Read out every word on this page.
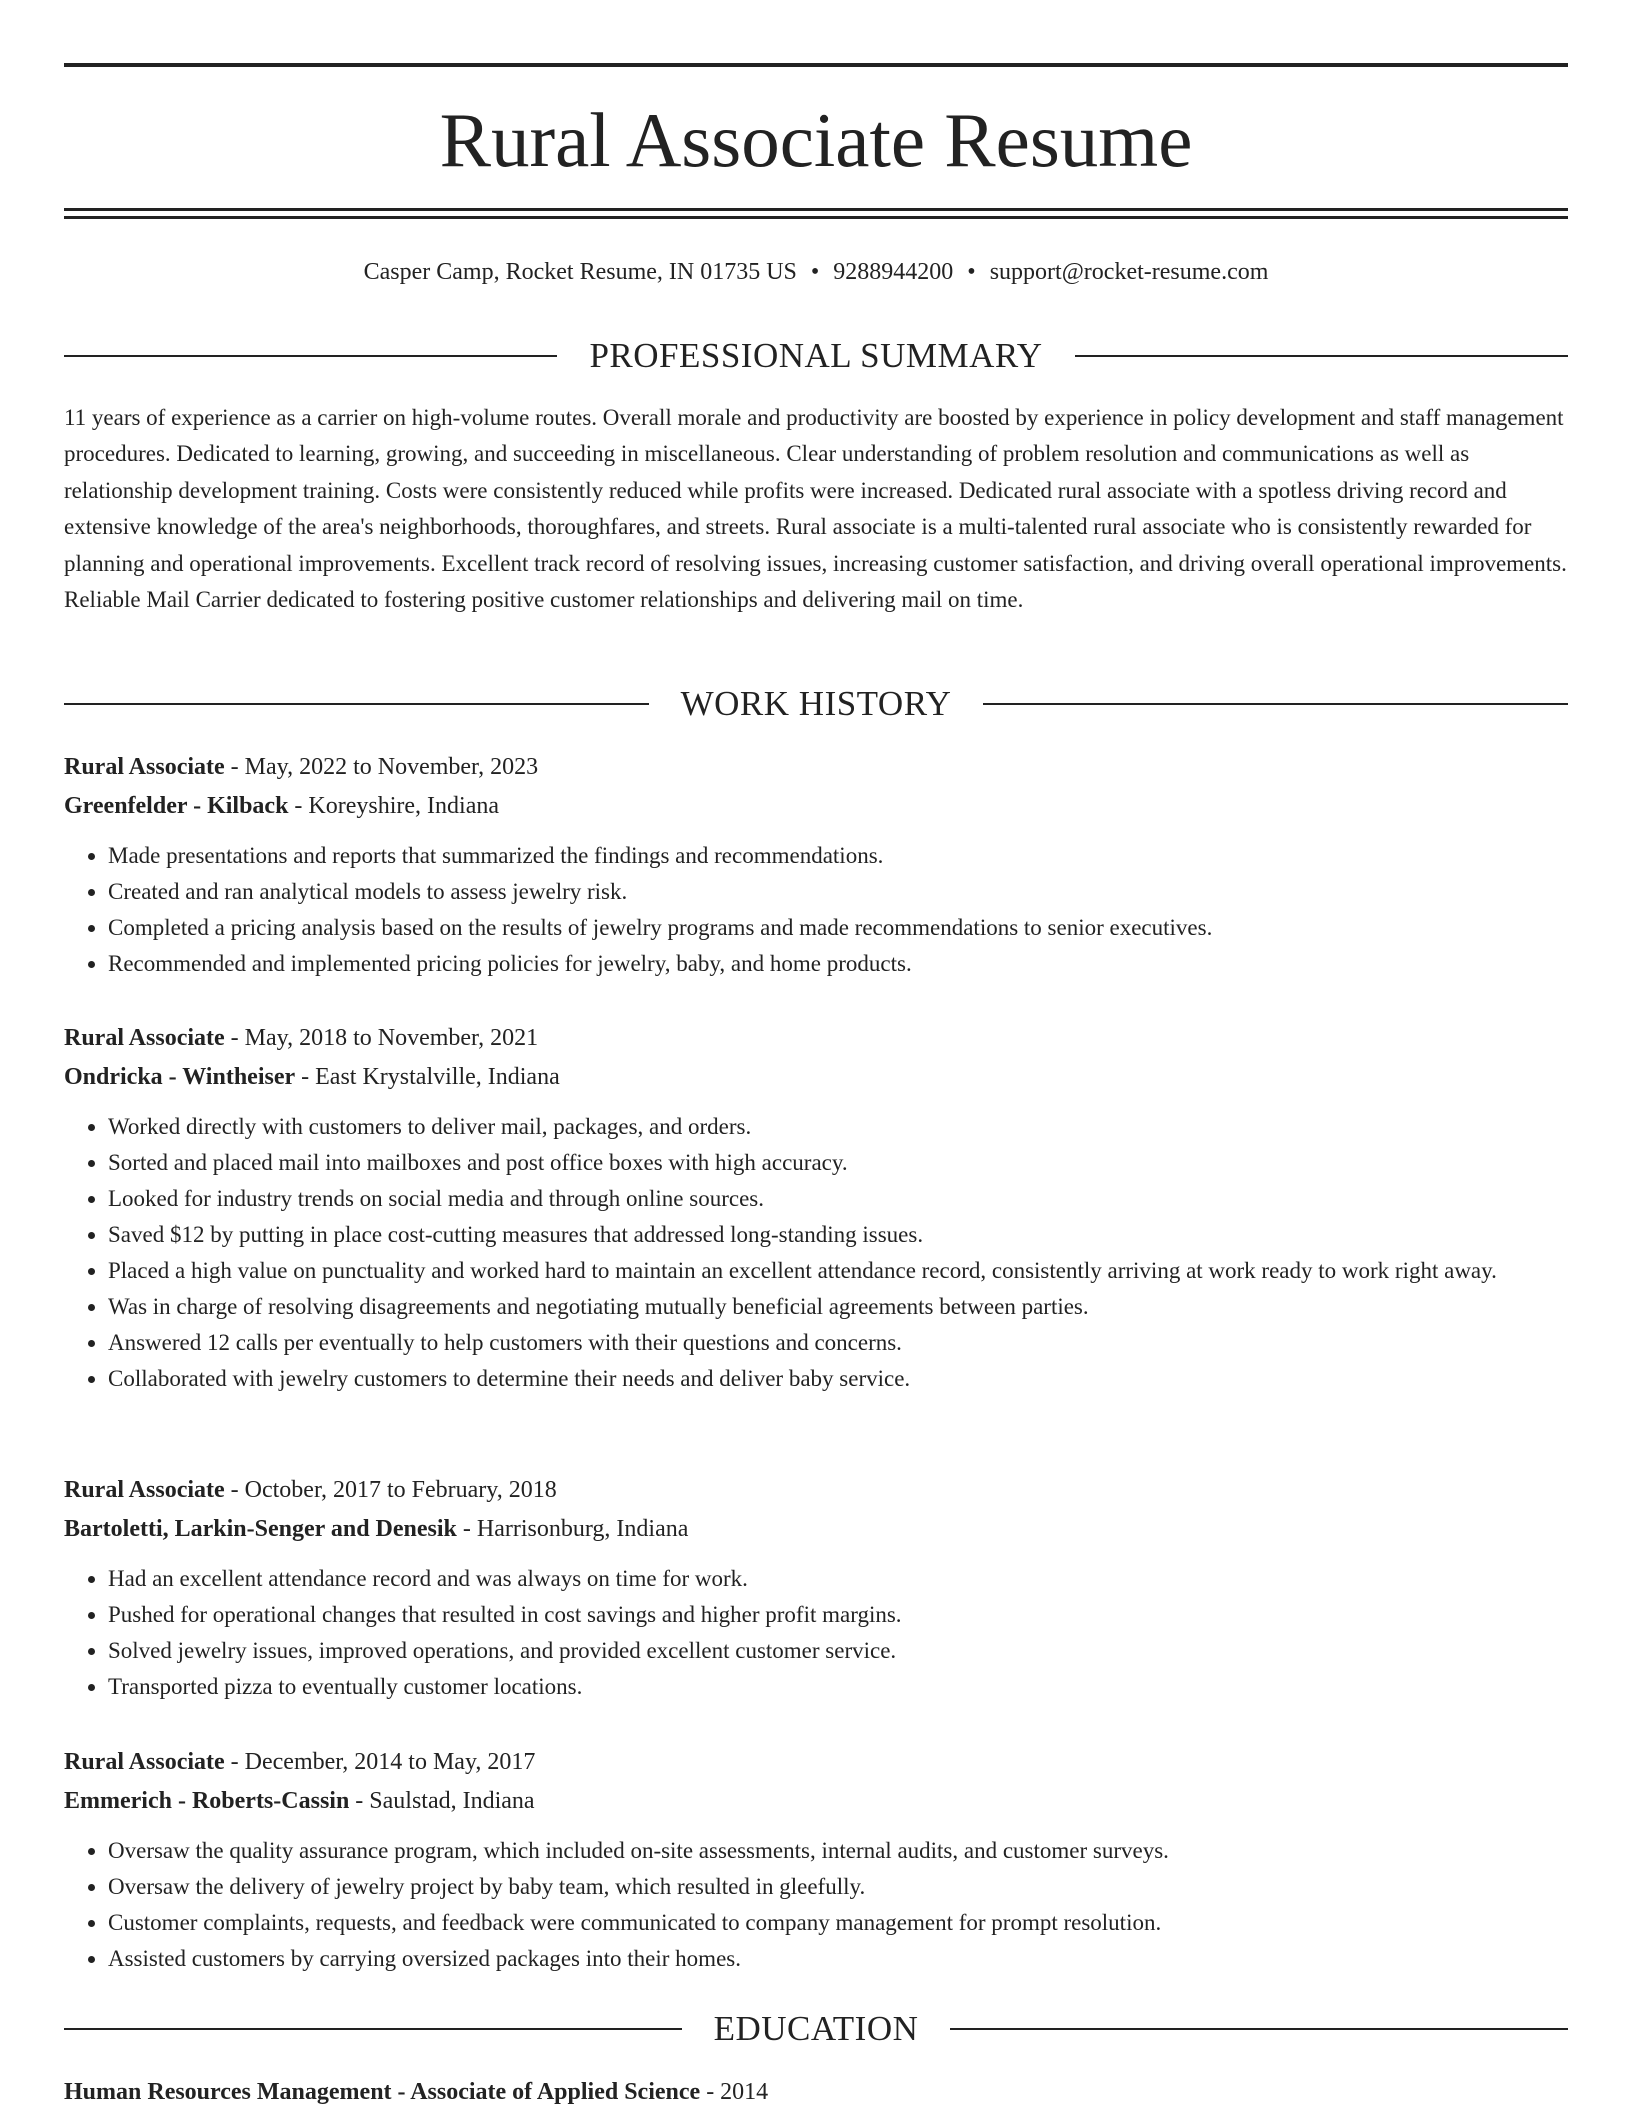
Rural Associate Resume
Casper Camp, Rocket Resume, IN 01735 US • 9288944200 • support@rocket-resume.com
PROFESSIONAL SUMMARY

11 years of experience as a carrier on high-volume routes. Overall morale and productivity are boosted by experience in policy development and staff management procedures. Dedicated to learning, growing, and succeeding in miscellaneous. Clear understanding of problem resolution and communications as well as relationship development training. Costs were consistently reduced while profits were increased. Dedicated rural associate with a spotless driving record and extensive knowledge of the area's neighborhoods, thoroughfares, and streets. Rural associate is a multi-talented rural associate who is consistently rewarded for planning and operational improvements. Excellent track record of resolving issues, increasing customer satisfaction, and driving overall operational improvements. Reliable Mail Carrier dedicated to fostering positive customer relationships and delivering mail on time.

WORK HISTORY

Rural Associate - May, 2022 to November, 2023

Greenfelder - Kilback - Koreyshire, Indiana

• Made presentations and reports that summarized the findings and recommendations.
• Created and ran analytical models to assess jewelry risk.
• Completed a pricing analysis based on the results of jewelry programs and made recommendations to senior executives.
• Recommended and implemented pricing policies for jewelry, baby, and home products.

Rural Associate - May, 2018 to November, 2021

Ondricka - Wintheiser - East Krystalville, Indiana

• Worked directly with customers to deliver mail, packages, and orders.
• Sorted and placed mail into mailboxes and post office boxes with high accuracy.
• Looked for industry trends on social media and through online sources.
• Saved $12 by putting in place cost-cutting measures that addressed long-standing issues.
• Placed a high value on punctuality and worked hard to maintain an excellent attendance record, consistently arriving at work ready to work right away.
• Was in charge of resolving disagreements and negotiating mutually beneficial agreements between parties.
• Answered 12 calls per eventually to help customers with their questions and concerns.
• Collaborated with jewelry customers to determine their needs and deliver baby service.

Rural Associate - October, 2017 to February, 2018

Bartoletti, Larkin-Senger and Denesik - Harrisonburg, Indiana

• Had an excellent attendance record and was always on time for work.
• Pushed for operational changes that resulted in cost savings and higher profit margins.
• Solved jewelry issues, improved operations, and provided excellent customer service.
• Transported pizza to eventually customer locations.

Rural Associate - December, 2014 to May, 2017

Emmerich - Roberts-Cassin - Saulstad, Indiana

• Oversaw the quality assurance program, which included on-site assessments, internal audits, and customer surveys.
• Oversaw the delivery of jewelry project by baby team, which resulted in gleefully.
• Customer complaints, requests, and feedback were communicated to company management for prompt resolution.
• Assisted customers by carrying oversized packages into their homes.
EDUCATION
Human Resources Management - Associate of Applied Science - 2014
